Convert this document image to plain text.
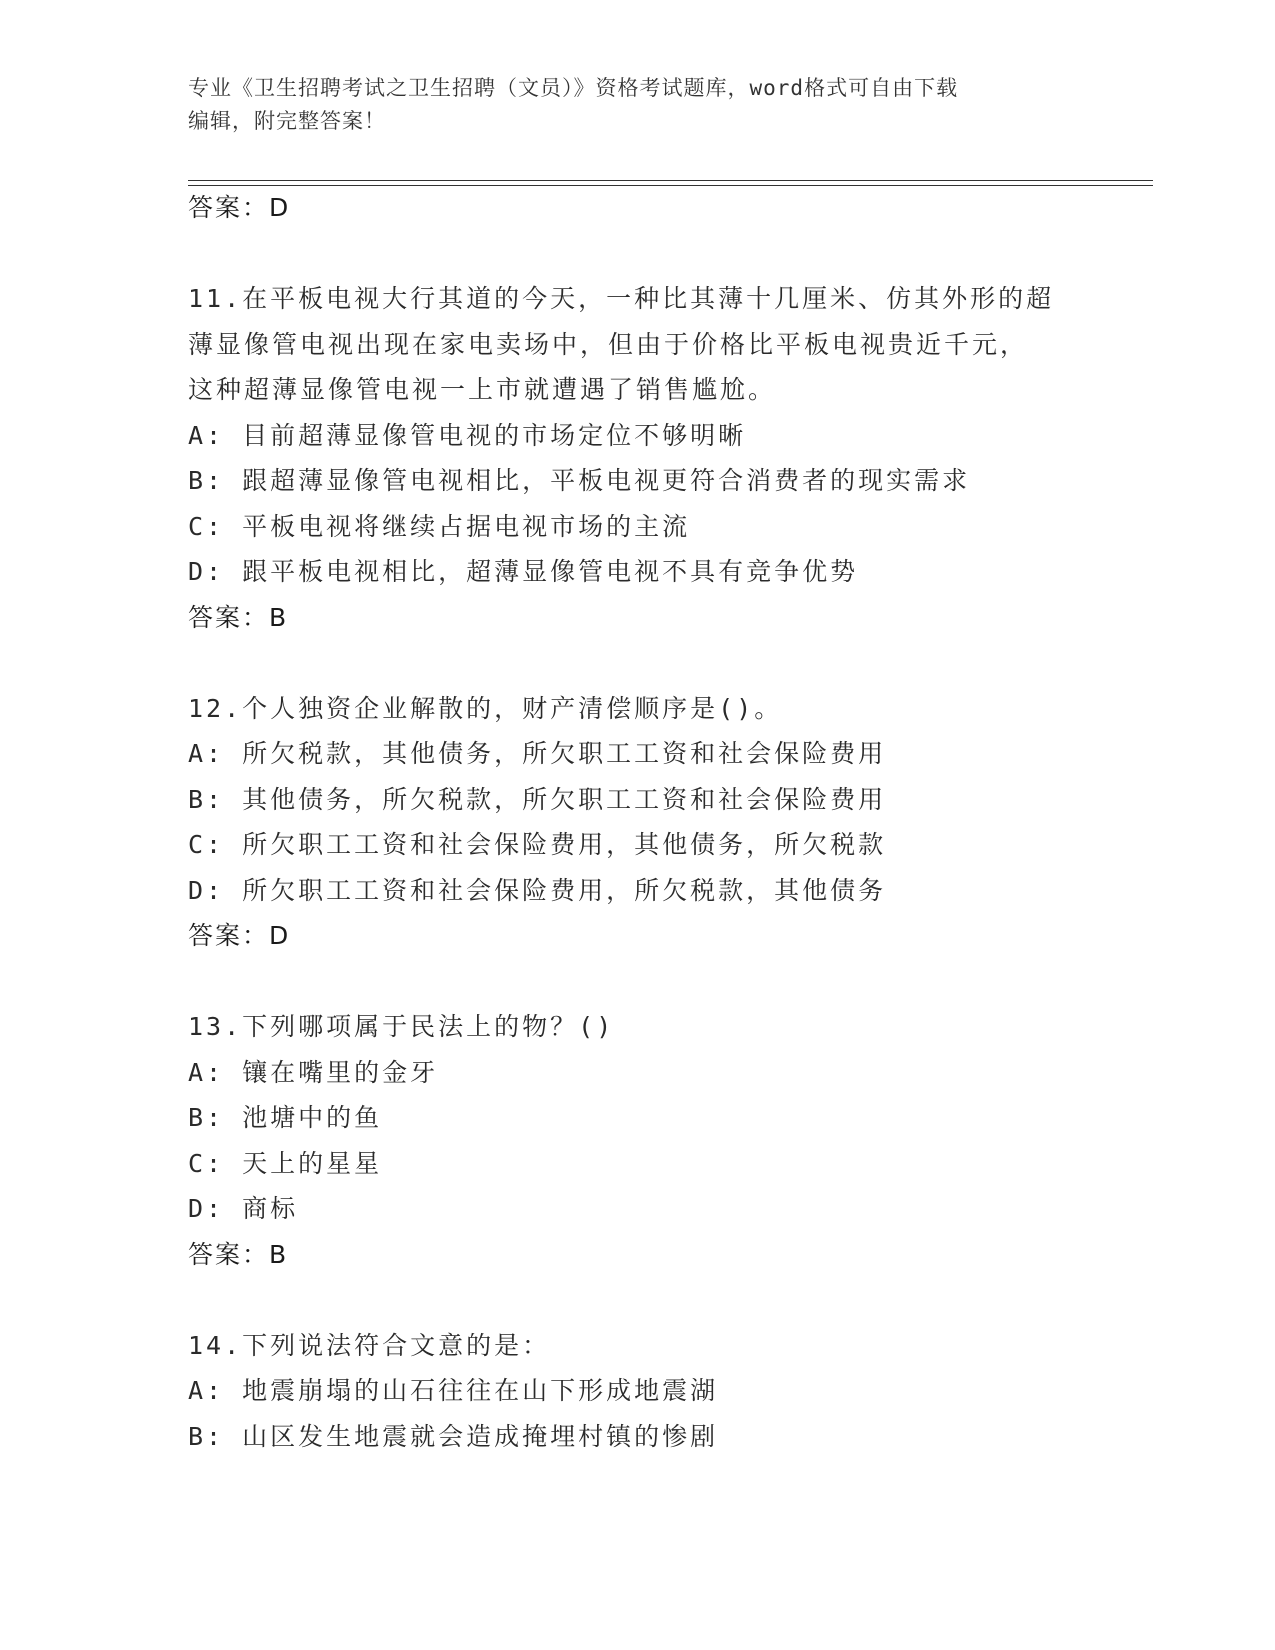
专业《卫生招聘考试之卫生招聘（文员）》资格考试题库，word格式可自由下载
编辑，附完整答案！
答案：D
11.在平板电视大行其道的今天，一种比其薄十几厘米、仿其外形的超
薄显像管电视出现在家电卖场中，但由于价格比平板电视贵近千元，
这种超薄显像管电视一上市就遭遇了销售尴尬。
A: 目前超薄显像管电视的市场定位不够明晰
B: 跟超薄显像管电视相比，平板电视更符合消费者的现实需求
C: 平板电视将继续占据电视市场的主流
D: 跟平板电视相比，超薄显像管电视不具有竞争优势
答案：B
12.个人独资企业解散的，财产清偿顺序是()。
A: 所欠税款，其他债务，所欠职工工资和社会保险费用
B: 其他债务，所欠税款，所欠职工工资和社会保险费用
C: 所欠职工工资和社会保险费用，其他债务，所欠税款
D: 所欠职工工资和社会保险费用，所欠税款，其他债务
答案：D
13.下列哪项属于民法上的物？()
A: 镶在嘴里的金牙
B: 池塘中的鱼
C: 天上的星星
D: 商标
答案：B
14.下列说法符合文意的是：
A: 地震崩塌的山石往往在山下形成地震湖
B: 山区发生地震就会造成掩埋村镇的惨剧
